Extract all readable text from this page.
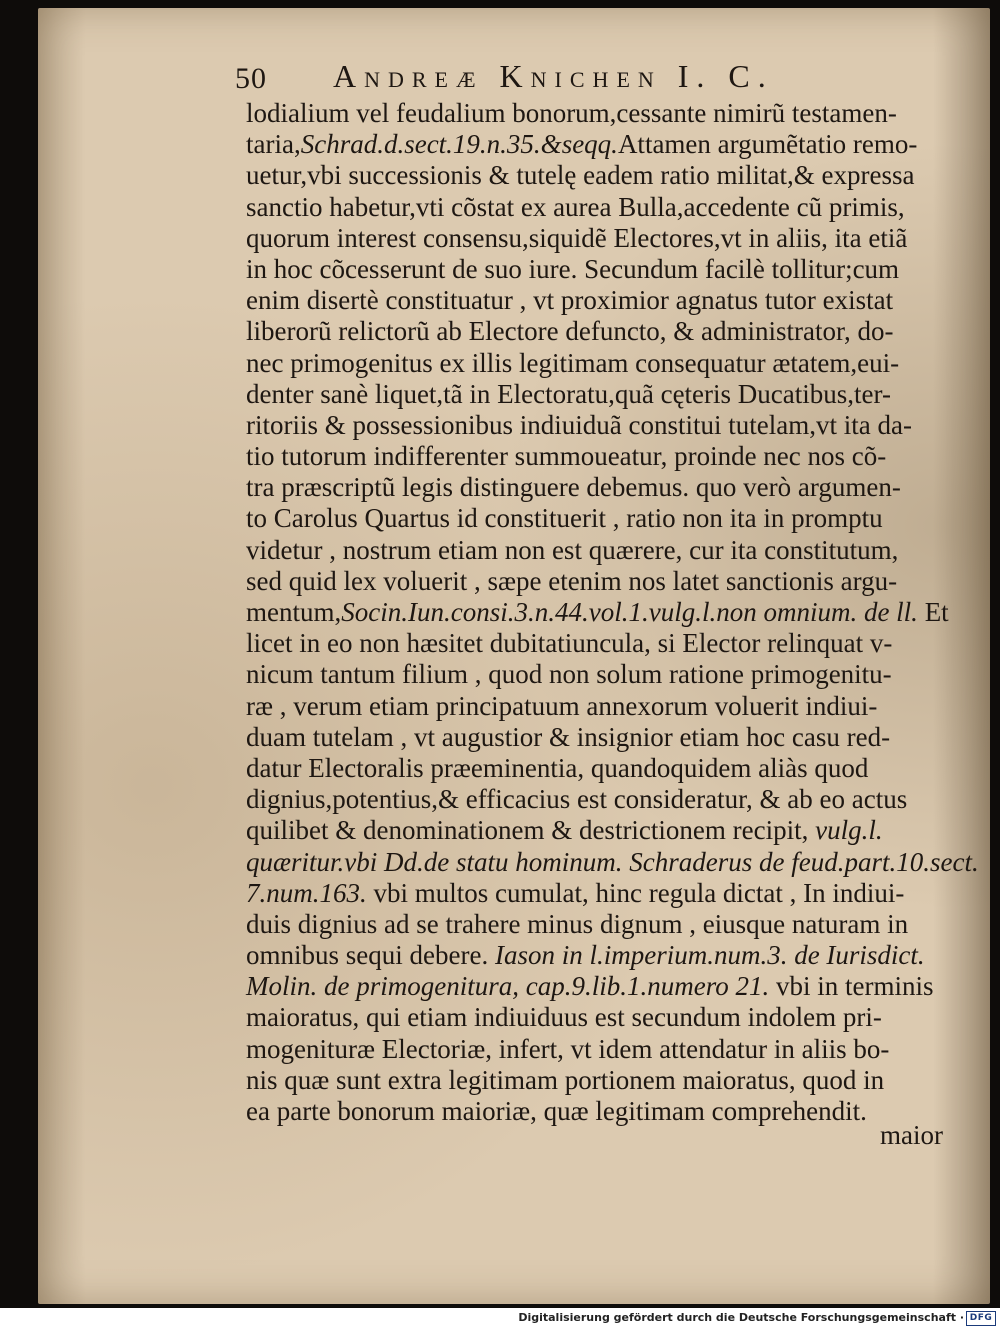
50 Andreæ Knichen I. C.
lodialium vel feudalium bonorum,cessante nimirũ testamen-
taria,Schrad.d.sect.19.n.35.&seqq.Attamen argumẽtatio remo-
uetur,vbi successionis & tutelę eadem ratio militat,& expressa
sanctio habetur,vti cõstat ex aurea Bulla,accedente cũ primis,
quorum interest consensu,siquidẽ Electores,vt in aliis, ita etiã
in hoc cõcesserunt de suo iure. Secundum facilè tollitur;cum
enim disertè constituatur , vt proximior agnatus tutor existat
liberorũ relictorũ ab Electore defuncto, & administrator, do-
nec primogenitus ex illis legitimam consequatur ætatem,eui-
denter sanè liquet,tã in Electoratu,quã cęteris Ducatibus,ter-
ritoriis & possessionibus indiuiduã constitui tutelam,vt ita da-
tio tutorum indifferenter summoueatur, proinde nec nos cõ-
tra præscriptũ legis distinguere debemus. quo verò argumen-
to Carolus Quartus id constituerit , ratio non ita in promptu
videtur , nostrum etiam non est quærere, cur ita constitutum,
sed quid lex voluerit , sæpe etenim nos latet sanctionis argu-
mentum,Socin.Iun.consi.3.n.44.vol.1.vulg.l.non omnium. de ll. Et
licet in eo non hæsitet dubitatiuncula, si Elector relinquat v-
nicum tantum filium , quod non solum ratione primogenitu-
ræ , verum etiam principatuum annexorum voluerit indiui-
duam tutelam , vt augustior & insignior etiam hoc casu red-
datur Electoralis præeminentia, quandoquidem aliàs quod
dignius,potentius,& efficacius est consideratur, & ab eo actus
quilibet & denominationem & destrictionem recipit, vulg.l.
quæritur.vbi Dd.de statu hominum. Schraderus de feud.part.10.sect.
7.num.163. vbi multos cumulat, hinc regula dictat , In indiui-
duis dignius ad se trahere minus dignum , eiusque naturam in
omnibus sequi debere. Iason in l.imperium.num.3. de Iurisdict.
Molin. de primogenitura, cap.9.lib.1.numero 21. vbi in terminis
maioratus, qui etiam indiuiduus est secundum indolem pri-
mogenituræ Electoriæ, infert, vt idem attendatur in aliis bo-
nis quæ sunt extra legitimam portionem maioratus, quod in
ea parte bonorum maioriæ, quæ legitimam comprehendit.
maior
Digitalisierung gefördert durch die Deutsche Forschungsgemeinschaft · DFG
